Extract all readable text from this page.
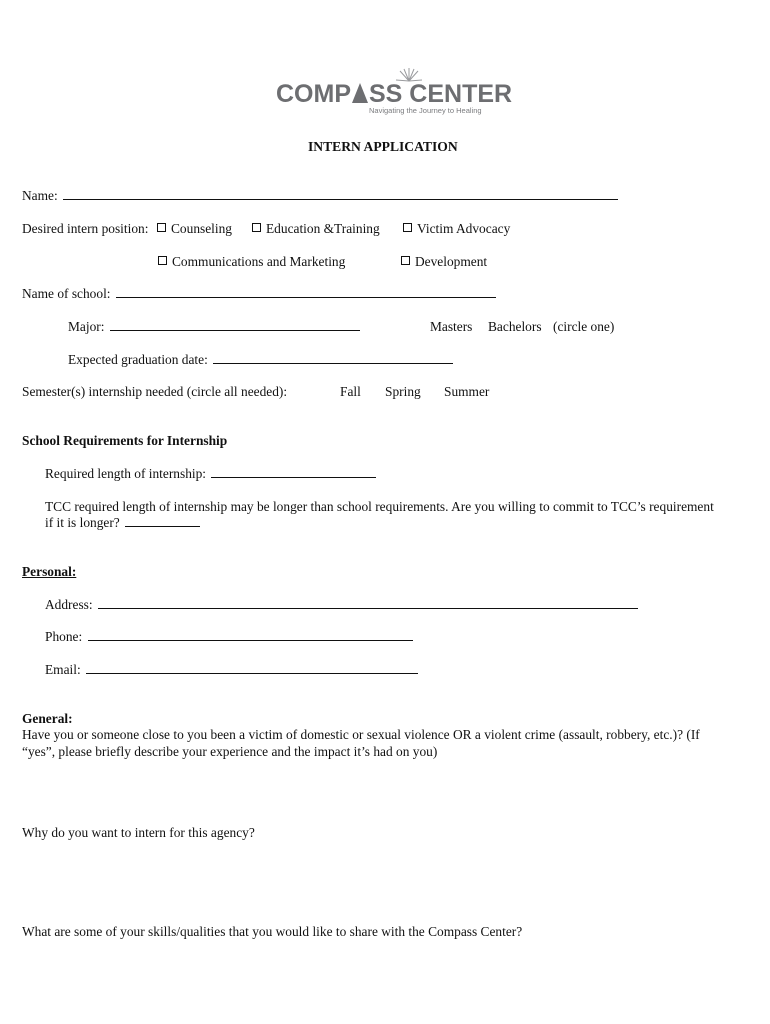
COMP SS CENTER
Navigating the Journey to Healing
INTERN APPLICATION
Name:
Desired intern position:	Counseling	Education &Training	Victim Advocacy
Communications and Marketing	Development
Name of school:
Major:	Masters Bachelors (circle one)
Expected graduation date:
Semester(s) internship needed (circle all needed):	Fall Spring Summer
School Requirements for Internship
Required length of internship:
TCC required length of internship may be longer than school requirements. Are you willing to commit to TCC’s requirement
if it is longer?
Personal:
Address:
Phone:
Email:
General:
Have you or someone close to you been a victim of domestic or sexual violence OR a violent crime (assault, robbery, etc.)? (If
“yes”, please briefly describe your experience and the impact it’s had on you)
Why do you want to intern for this agency?
What are some of your skills/qualities that you would like to share with the Compass Center?
